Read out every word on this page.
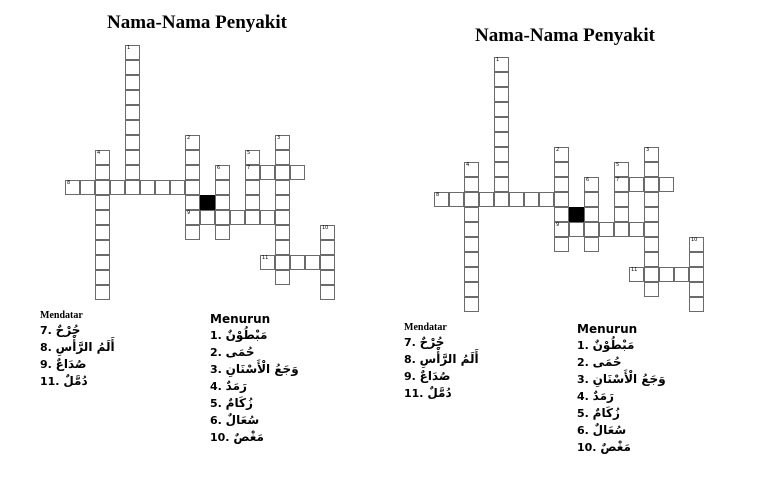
Nama-Nama Penyakit
1
2
9
3
4	5
7
6
10
8
11
Mendatar
7. جُرْحٌ
8. أَلَمُ الرَّأْسِ
9. صُدَاعٌ
11. دُمَّلٌ
Menurun
1. مَبْطُوْنٌ
2. حُمَى
3. وَجَعُ الْأَسْنَانِ
4. رَمَدٌ
5. زُكَامٌ
6. سُعَالٌ
10. مَغْصٌ
Nama-Nama Penyakit
1
2
9
3
4	5
7
6
10
8
11
Mendatar
7. جُرْحٌ
8. أَلَمُ الرَّأْسِ
9. صُدَاعٌ
11. دُمَّلٌ
Menurun
1. مَبْطُوْنٌ
2. حُمَى
3. وَجَعُ الْأَسْنَانِ
4. رَمَدٌ
5. زُكَامٌ
6. سُعَالٌ
10. مَغْصٌ
